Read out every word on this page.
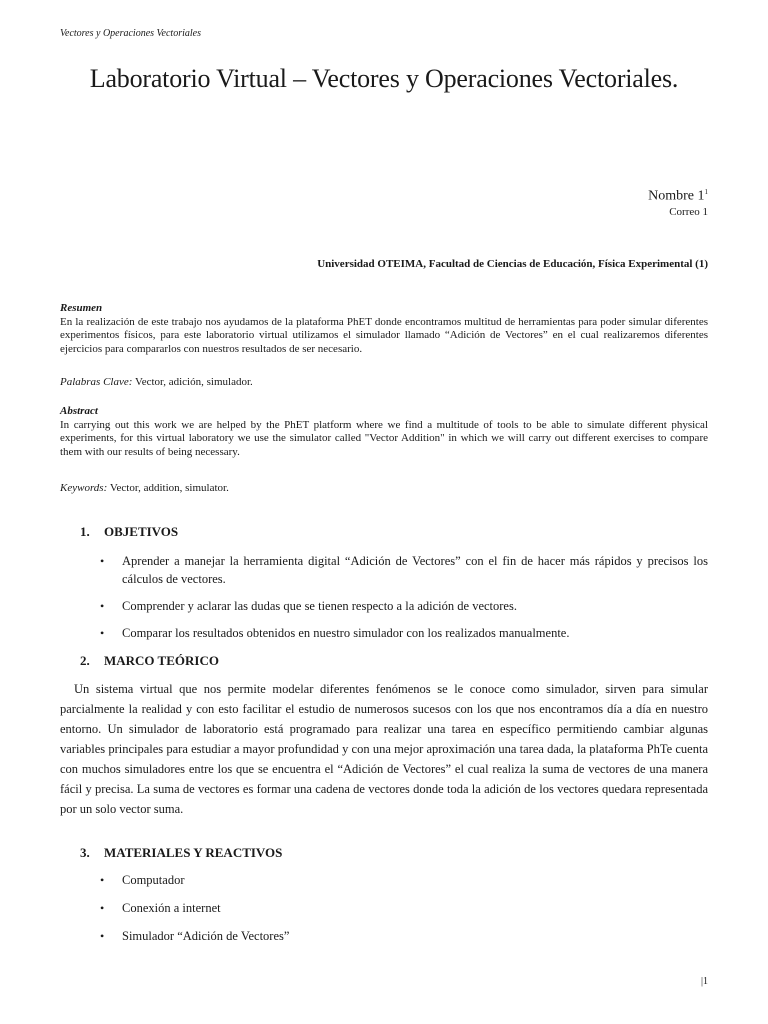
Vectores y Operaciones Vectoriales
Laboratorio Virtual – Vectores y Operaciones Vectoriales.
Nombre $1^1$
Correo 1
Universidad OTEIMA, Facultad de Ciencias de Educación, Física Experimental (1)
Resumen
En la realización de este trabajo nos ayudamos de la plataforma PhET donde encontramos multitud de herramientas para poder simular diferentes experimentos físicos, para este laboratorio virtual utilizamos el simulador llamado “Adición de Vectores” en el cual realizaremos diferentes ejercicios para compararlos con nuestros resultados de ser necesario.
Palabras Clave: Vector, adición, simulador.
Abstract
In carrying out this work we are helped by the PhET platform where we find a multitude of tools to be able to simulate different physical experiments, for this virtual laboratory we use the simulator called "Vector Addition" in which we will carry out different exercises to compare them with our results of being necessary.
Keywords: Vector, addition, simulator.
1. OBJETIVOS
• Aprender a manejar la herramienta digital “Adición de Vectores” con el fin de hacer más rápidos y precisos los cálculos de vectores.
• Comprender y aclarar las dudas que se tienen respecto a la adición de vectores.
• Comparar los resultados obtenidos en nuestro simulador con los realizados manualmente.
2. MARCO TEÓRICO
Un sistema virtual que nos permite modelar diferentes fenómenos se le conoce como simulador, sirven para simular parcialmente la realidad y con esto facilitar el estudio de numerosos sucesos con los que nos encontramos día a día en nuestro entorno. Un simulador de laboratorio está programado para realizar una tarea en específico permitiendo cambiar algunas variables principales para estudiar a mayor profundidad y con una mejor aproximación una tarea dada, la plataforma PhTe cuenta con muchos simuladores entre los que se encuentra el “Adición de Vectores” el cual realiza la suma de vectores de una manera fácil y precisa. La suma de vectores es formar una cadena de vectores donde toda la adición de los vectores quedara representada por un solo vector suma.
3. MATERIALES Y REACTIVOS
• Computador
• Conexión a internet
• Simulador “Adición de Vectores”
|1
